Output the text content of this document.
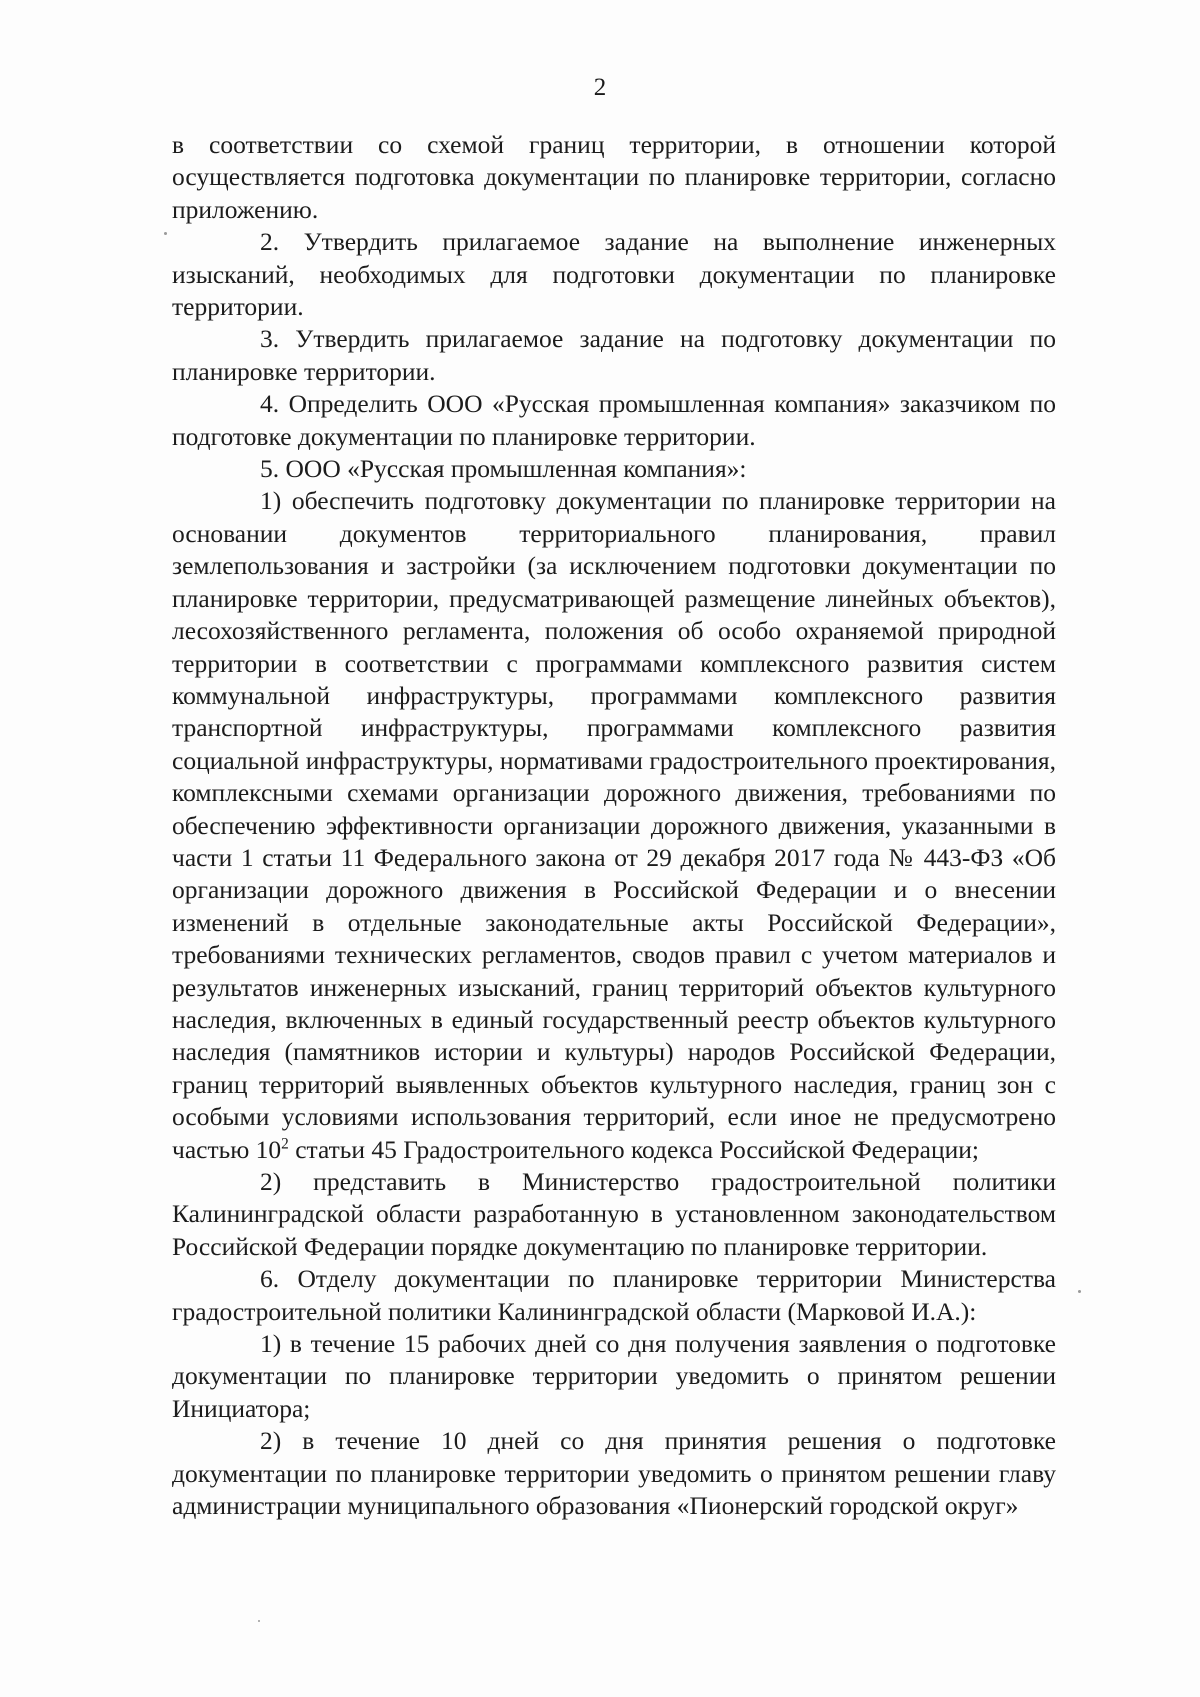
2

в соответствии со схемой границ территории, в отношении которой осуществляется подготовка документации по планировке территории, согласно приложению.

2. Утвердить прилагаемое задание на выполнение инженерных изысканий, необходимых для подготовки документации по планировке территории.

3. Утвердить прилагаемое задание на подготовку документации по планировке территории.

4. Определить ООО «Русская промышленная компания» заказчиком по подготовке документации по планировке территории.

5. ООО «Русская промышленная компания»:

1) обеспечить подготовку документации по планировке территории на основании документов территориального планирования, правил землепользования и застройки (за исключением подготовки документации по планировке территории, предусматривающей размещение линейных объектов), лесохозяйственного регламента, положения об особо охраняемой природной территории в соответствии с программами комплексного развития систем коммунальной инфраструктуры, программами комплексного развития транспортной инфраструктуры, программами комплексного развития социальной инфраструктуры, нормативами градостроительного проектирования, комплексными схемами организации дорожного движения, требованиями по обеспечению эффективности организации дорожного движения, указанными в части 1 статьи 11 Федерального закона от 29 декабря 2017 года № 443-ФЗ «Об организации дорожного движения в Российской Федерации и о внесении изменений в отдельные законодательные акты Российской Федерации», требованиями технических регламентов, сводов правил с учетом материалов и результатов инженерных изысканий, границ территорий объектов культурного наследия, включенных в единый государственный реестр объектов культурного наследия (памятников истории и культуры) народов Российской Федерации, границ территорий выявленных объектов культурного наследия, границ зон с особыми условиями использования территорий, если иное не предусмотрено частью $10^2$ статьи 45 Градостроительного кодекса Российской Федерации;

2) представить в Министерство градостроительной политики Калининградской области разработанную в установленном законодательством Российской Федерации порядке документацию по планировке территории.

6. Отделу документации по планировке территории Министерства градостроительной политики Калининградской области (Марковой И.А.):

1) в течение 15 рабочих дней со дня получения заявления о подготовке документации по планировке территории уведомить о принятом решении Инициатора;

2) в течение 10 дней со дня принятия решения о подготовке документации по планировке территории уведомить о принятом решении главу администрации муниципального образования «Пионерский городской округ»
